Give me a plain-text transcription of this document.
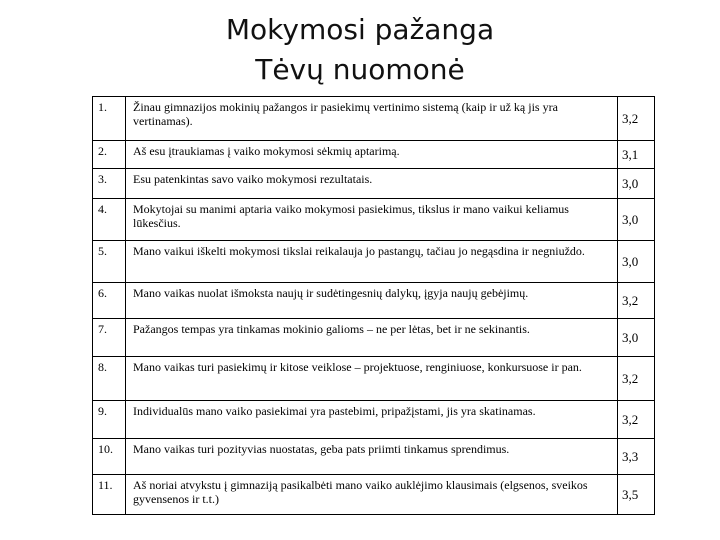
Mokymosi pažanga
Tėvų nuomonė
1.	Žinau gimnazijos mokinių pažangos ir pasiekimų vertinimo sistemą (kaip ir už ką jis yra vertinamas).	3,2
2.	Aš esu įtraukiamas į vaiko mokymosi sėkmių aptarimą.	3,1
3.	Esu patenkintas savo vaiko mokymosi rezultatais.	3,0
4.	Mokytojai su manimi aptaria vaiko mokymosi pasiekimus, tikslus ir mano vaikui keliamus lūkesčius.	3,0
5.	Mano vaikui iškelti mokymosi tikslai reikalauja jo pastangų, tačiau jo negąsdina ir negniuždo.	3,0
6.	Mano vaikas nuolat išmoksta naujų ir sudėtingesnių dalykų, įgyja naujų gebėjimų.	3,2
7.	Pažangos tempas yra tinkamas mokinio galioms – ne per lėtas, bet ir ne sekinantis.	3,0
8.	Mano vaikas turi pasiekimų ir kitose veiklose – projektuose, renginiuose, konkursuose ir pan.	3,2
9.	Individualūs mano vaiko pasiekimai yra pastebimi, pripažįstami, jis yra skatinamas.	3,2
10.	Mano vaikas turi pozityvias nuostatas, geba pats priimti tinkamus sprendimus.	3,3
11.	Aš noriai atvykstu į gimnaziją pasikalbėti mano vaiko auklėjimo klausimais (elgsenos, sveikos gyvensenos ir t.t.)	3,5
